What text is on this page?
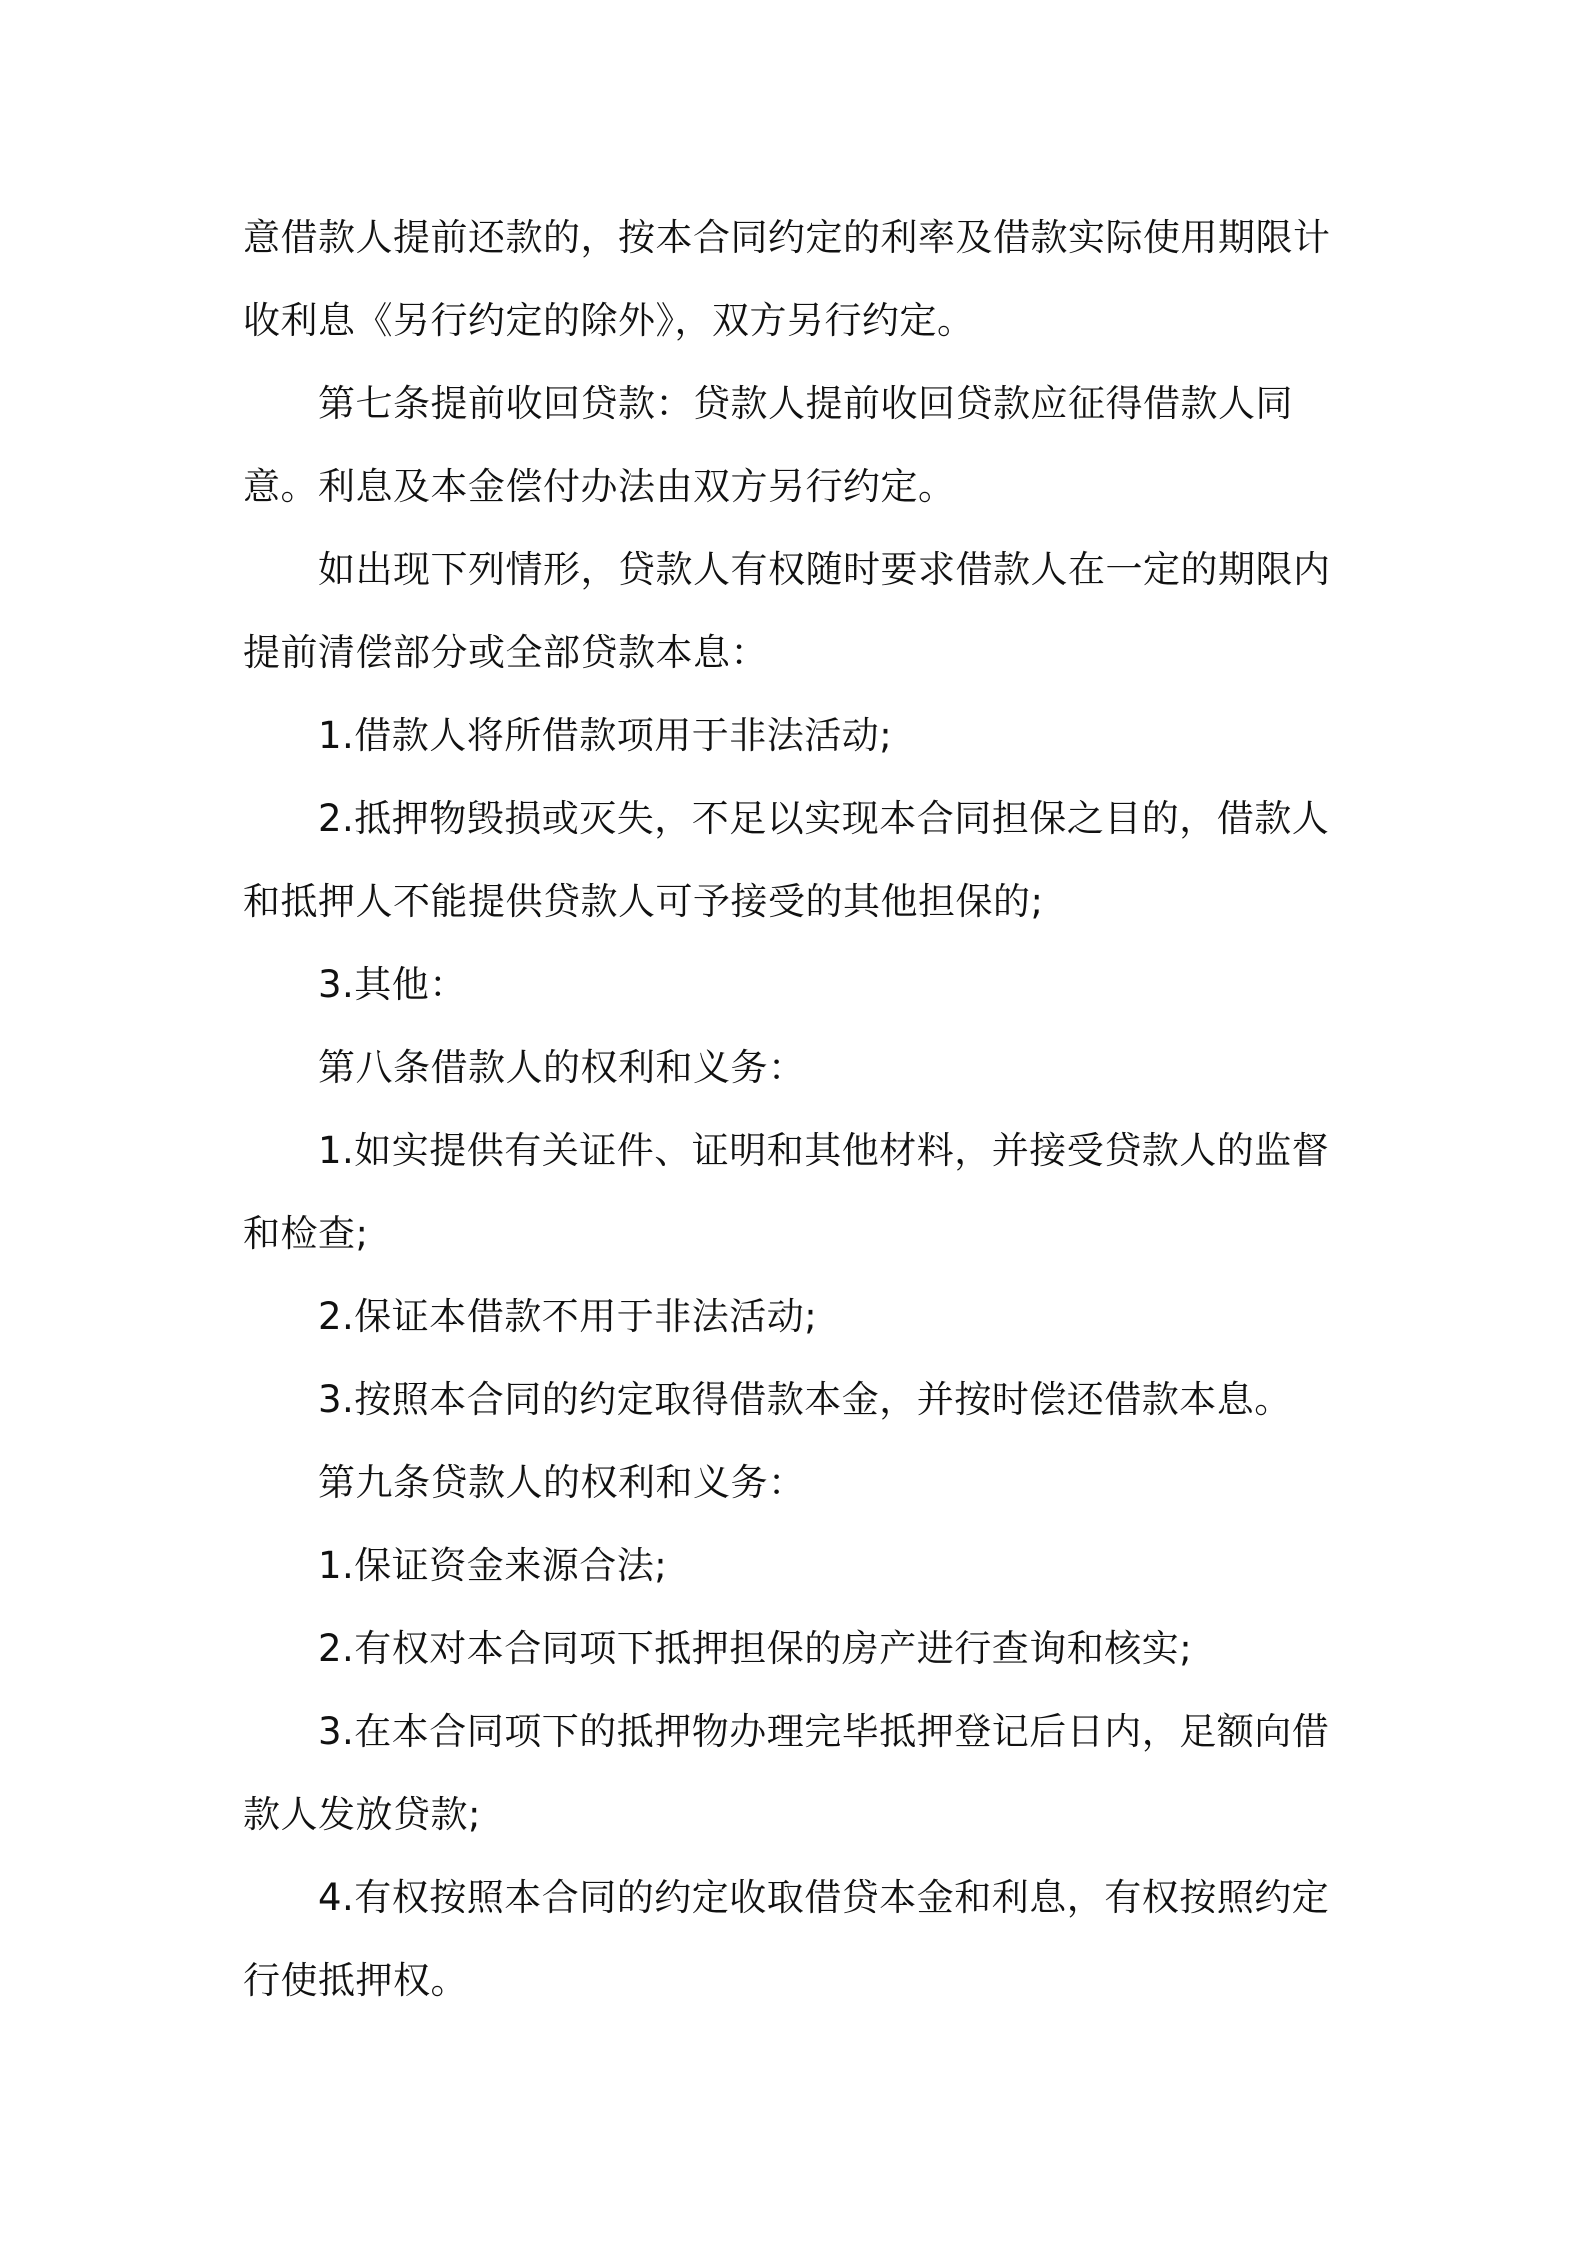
意借款人提前还款的，按本合同约定的利率及借款实际使用期限计收利息《另行约定的除外》，双方另行约定。

第七条提前收回贷款：贷款人提前收回贷款应征得借款人同意。利息及本金偿付办法由双方另行约定。

如出现下列情形，贷款人有权随时要求借款人在一定的期限内提前清偿部分或全部贷款本息：

1.借款人将所借款项用于非法活动;

2.抵押物毁损或灭失，不足以实现本合同担保之目的，借款人和抵押人不能提供贷款人可予接受的其他担保的;

3.其他：

第八条借款人的权利和义务：

1.如实提供有关证件、证明和其他材料，并接受贷款人的监督和检查;

2.保证本借款不用于非法活动;

3.按照本合同的约定取得借款本金，并按时偿还借款本息。

第九条贷款人的权利和义务：

1.保证资金来源合法;

2.有权对本合同项下抵押担保的房产进行查询和核实;

3.在本合同项下的抵押物办理完毕抵押登记后日内，足额向借款人发放贷款;

4.有权按照本合同的约定收取借贷本金和利息，有权按照约定行使抵押权。
